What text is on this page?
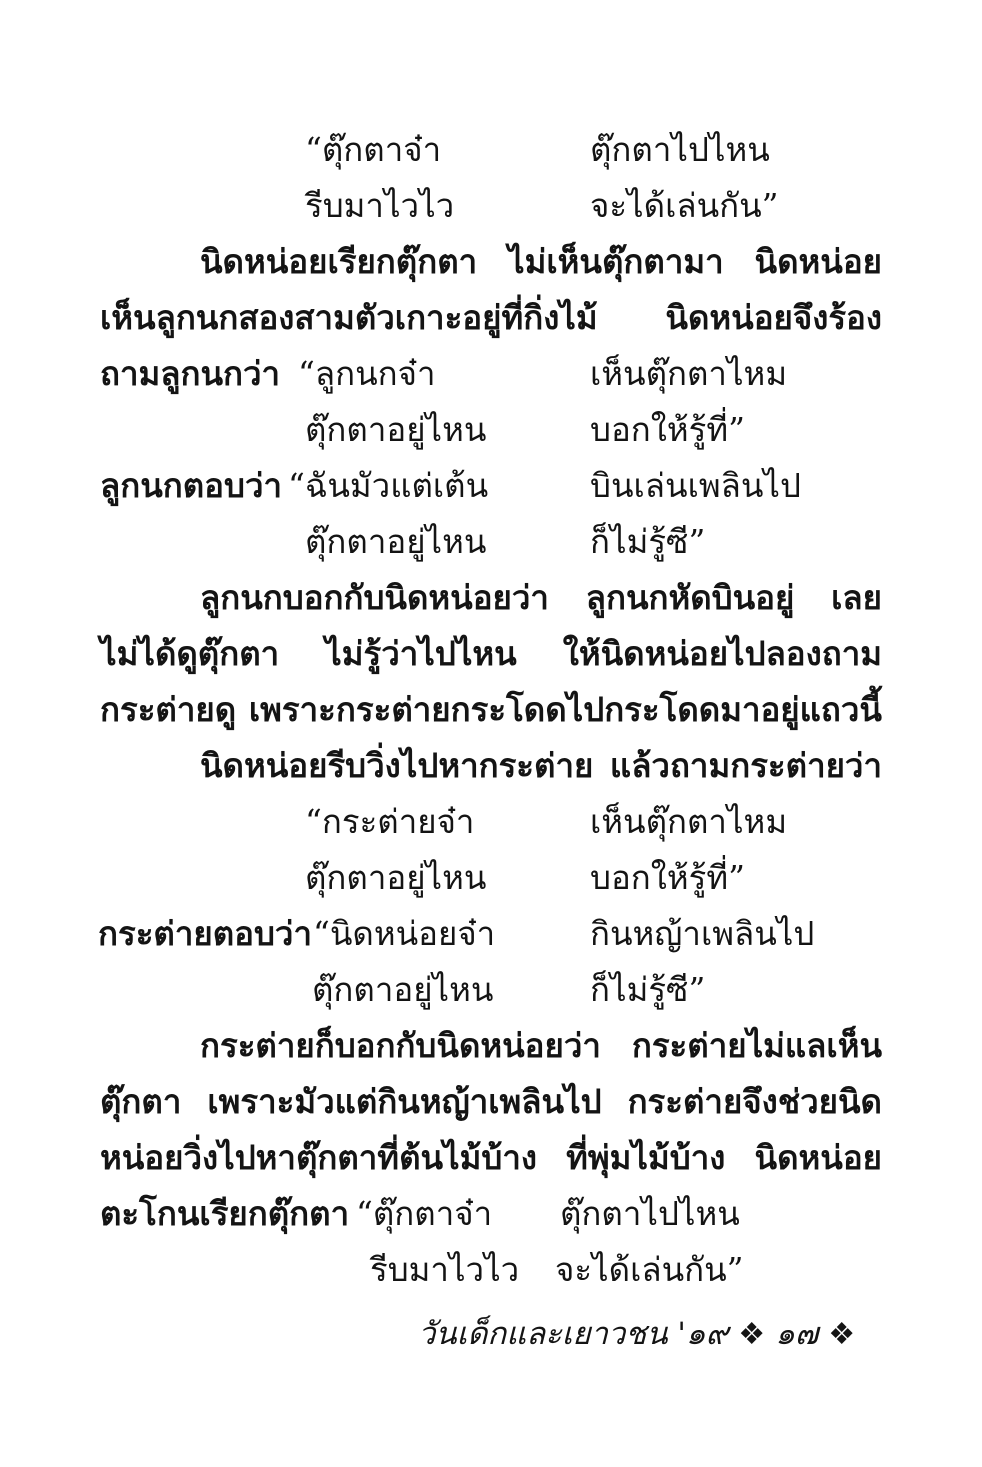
“ตุ๊กตาจ๋า	ตุ๊กตาไปไหน
รีบมาไวไว	จะได้เล่นกัน”
นิดหน่อยเรียกตุ๊กตา ไม่เห็นตุ๊กตามา นิดหน่อย
เห็นลูกนกสองสามตัวเกาะอยู่ที่กิ่งไม้ นิดหน่อยจึงร้อง
ถามลูกนกว่า “ลูกนกจ๋า	เห็นตุ๊กตาไหม
ตุ๊กตาอยู่ไหน	บอกให้รู้ที่”
ลูกนกตอบว่า “ฉันมัวแต่เต้น	บินเล่นเพลินไป
ตุ๊กตาอยู่ไหน	ก็ไม่รู้ซี”
ลูกนกบอกกับนิดหน่อยว่า ลูกนกหัดบินอยู่ เลย
ไม่ได้ดูตุ๊กตา ไม่รู้ว่าไปไหน ให้นิดหน่อยไปลองถาม
กระต่ายดู เพราะกระต่ายกระโดดไปกระโดดมาอยู่แถวนี้
นิดหน่อยรีบวิ่งไปหากระต่าย แล้วถามกระต่ายว่า
“กระต่ายจ๋า	เห็นตุ๊กตาไหม
ตุ๊กตาอยู่ไหน	บอกให้รู้ที่”
กระต่ายตอบว่า “นิดหน่อยจ๋า	กินหญ้าเพลินไป
ตุ๊กตาอยู่ไหน	ก็ไม่รู้ซี”
กระต่ายก็บอกกับนิดหน่อยว่า กระต่ายไม่แลเห็น
ตุ๊กตา เพราะมัวแต่กินหญ้าเพลินไป กระต่ายจึงช่วยนิด
หน่อยวิ่งไปหาตุ๊กตาที่ต้นไม้บ้าง ที่พุ่มไม้บ้าง นิดหน่อย
ตะโกนเรียกตุ๊กตา “ตุ๊กตาจ๋า ตุ๊กตาไปไหน
รีบมาไวไว จะได้เล่นกัน”
วันเด็กและเยาวชน '๑๙ ❖ ๑๗ ❖
